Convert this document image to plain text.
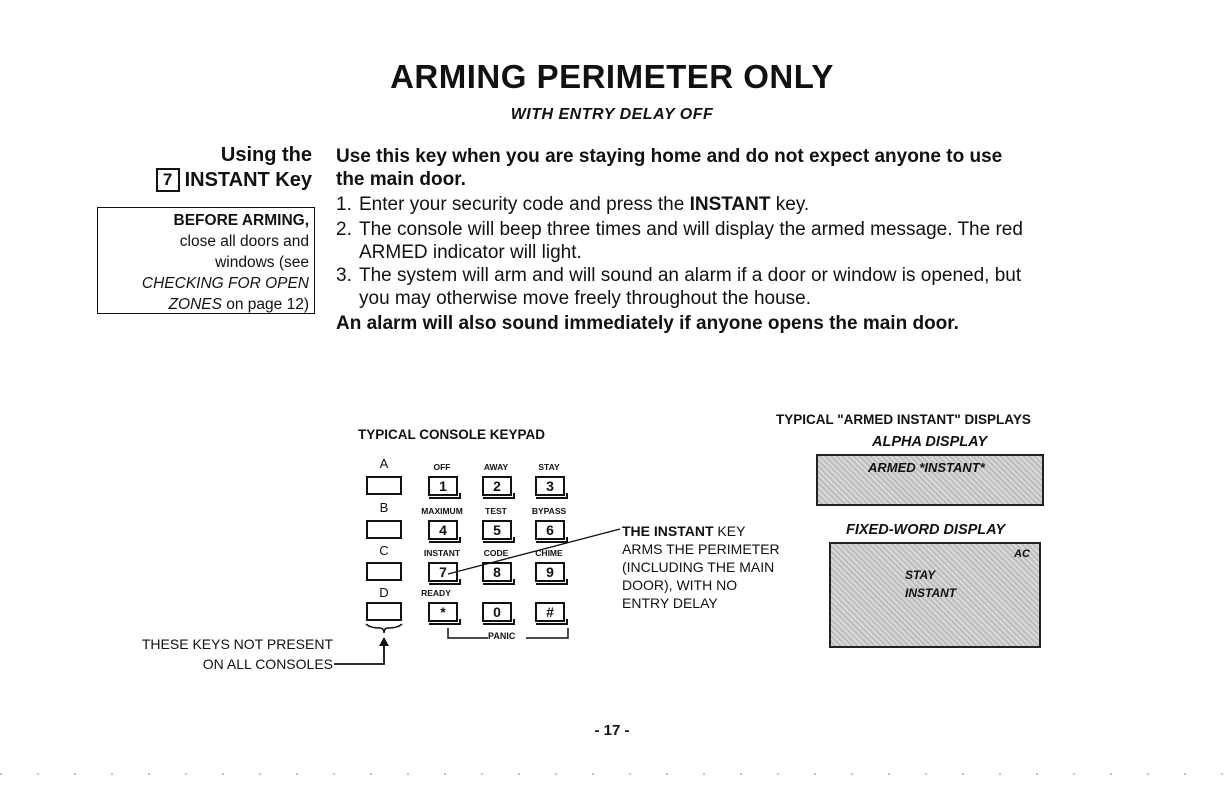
ARMING PERIMETER ONLY
WITH ENTRY DELAY OFF
Using the
7 INSTANT Key
BEFORE ARMING,
close all doors and
windows (see
CHECKING FOR OPEN
ZONES on page 12)
Use this key when you are staying home and do not expect anyone to use
the main door.
1. Enter your security code and press the INSTANT key.
2. The console will beep three times and will display the armed message. The red
ARMED indicator will light.
3. The system will arm and will sound an alarm if a door or window is opened, but
you may otherwise move freely throughout the house.
An alarm will also sound immediately if anyone opens the main door.
TYPICAL CONSOLE KEYPAD
A
B
C
D
OFF
1
AWAY
2
STAY
3
MAXIMUM
4
TEST
5
BYPASS
6
INSTANT
7
CODE
8
CHIME
9
READY
*	0	#
PANIC
THESE KEYS NOT PRESENT
ON ALL CONSOLES
THE INSTANT KEY
ARMS THE PERIMETER
(INCLUDING THE MAIN
DOOR), WITH NO
ENTRY DELAY
TYPICAL "ARMED INSTANT" DISPLAYS
ALPHA DISPLAY
ARMED *INSTANT*
FIXED-WORD DISPLAY
AC
STAY
INSTANT
- 17 -
